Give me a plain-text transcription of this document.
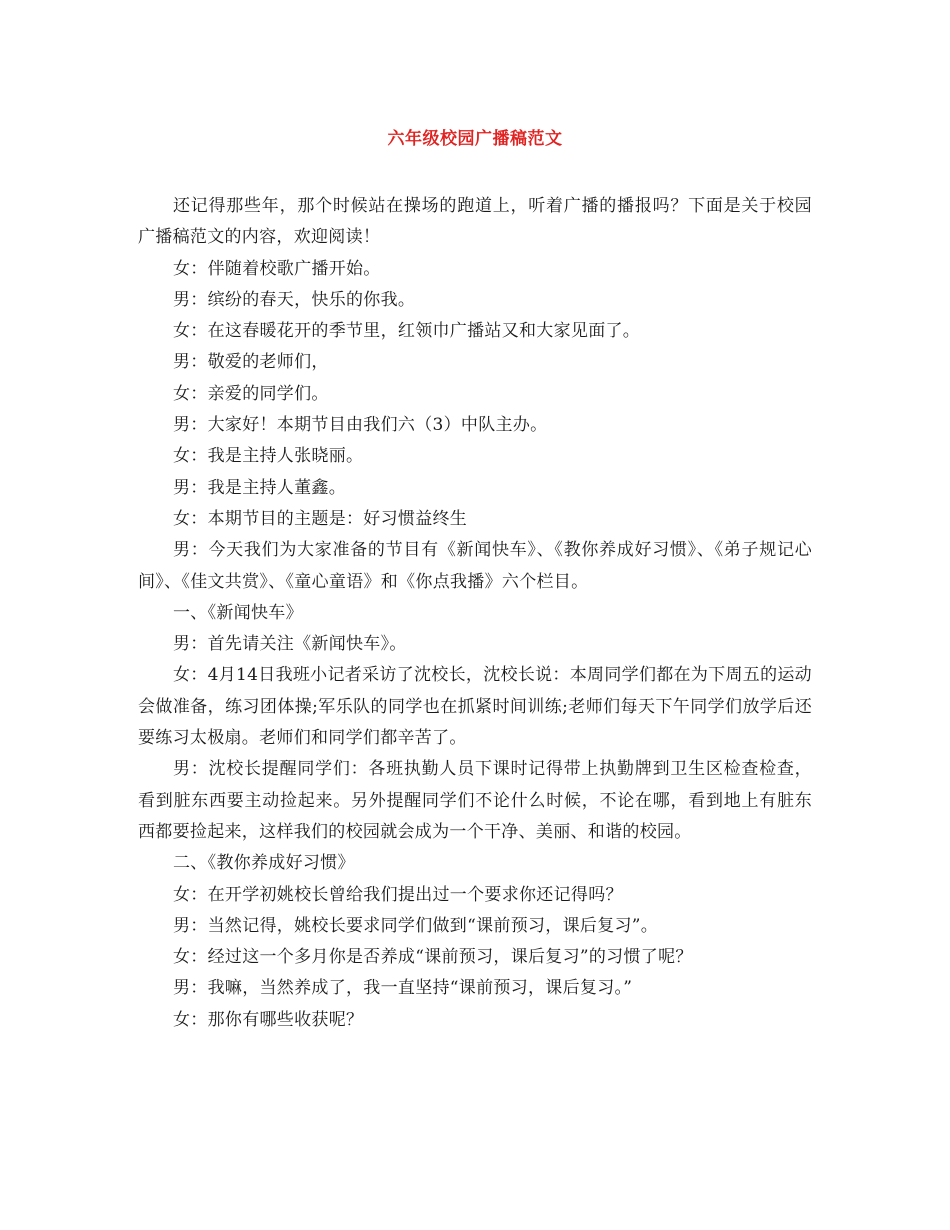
六年级校园广播稿范文

还记得那些年，那个时候站在操场的跑道上，听着广播的播报吗？下面是关于校园广播稿范文的内容，欢迎阅读！

女：伴随着校歌广播开始。

男：缤纷的春天，快乐的你我。

女：在这春暖花开的季节里，红领巾广播站又和大家见面了。

男：敬爱的老师们，

女：亲爱的同学们。

男：大家好！本期节目由我们六（3）中队主办。

女：我是主持人张晓丽。

男：我是主持人董鑫。

女：本期节目的主题是：好习惯益终生

男：今天我们为大家准备的节目有《新闻快车》、《教你养成好习惯》、《弟子规记心间》、《佳文共赏》、《童心童语》和《你点我播》六个栏目。

一、《新闻快车》

男：首先请关注《新闻快车》。

女：4月14日我班小记者采访了沈校长，沈校长说：本周同学们都在为下周五的运动会做准备，练习团体操;军乐队的同学也在抓紧时间训练;老师们每天下午同学们放学后还要练习太极扇。老师们和同学们都辛苦了。

男：沈校长提醒同学们：各班执勤人员下课时记得带上执勤牌到卫生区检查检查，看到脏东西要主动捡起来。另外提醒同学们不论什么时候，不论在哪，看到地上有脏东西都要捡起来，这样我们的校园就会成为一个干净、美丽、和谐的校园。

二、《教你养成好习惯》

女：在开学初姚校长曾给我们提出过一个要求你还记得吗？

男：当然记得，姚校长要求同学们做到“课前预习，课后复习”。

女：经过这一个多月你是否养成“课前预习，课后复习”的习惯了呢？

男：我嘛，当然养成了，我一直坚持“课前预习，课后复习。”

女：那你有哪些收获呢？
